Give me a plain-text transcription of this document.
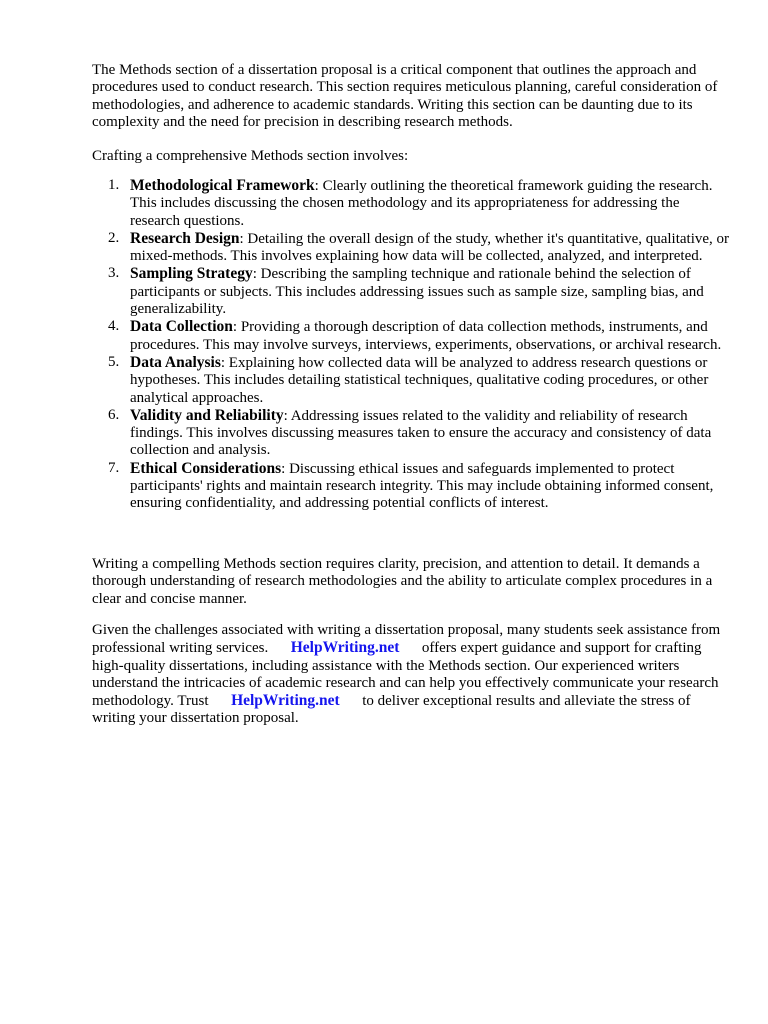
The Methods section of a dissertation proposal is a critical component that outlines the approach and procedures used to conduct research. This section requires meticulous planning, careful consideration of methodologies, and adherence to academic standards. Writing this section can be daunting due to its complexity and the need for precision in describing research methods.

Crafting a comprehensive Methods section involves:

1. Methodological Framework: Clearly outlining the theoretical framework guiding the research. This includes discussing the chosen methodology and its appropriateness for addressing the research questions.
2. Research Design: Detailing the overall design of the study, whether it's quantitative, qualitative, or mixed-methods. This involves explaining how data will be collected, analyzed, and interpreted.
3. Sampling Strategy: Describing the sampling technique and rationale behind the selection of participants or subjects. This includes addressing issues such as sample size, sampling bias, and generalizability.
4. Data Collection: Providing a thorough description of data collection methods, instruments, and procedures. This may involve surveys, interviews, experiments, observations, or archival research.
5. Data Analysis: Explaining how collected data will be analyzed to address research questions or hypotheses. This includes detailing statistical techniques, qualitative coding procedures, or other analytical approaches.
6. Validity and Reliability: Addressing issues related to the validity and reliability of research findings. This involves discussing measures taken to ensure the accuracy and consistency of data collection and analysis.
7. Ethical Considerations: Discussing ethical issues and safeguards implemented to protect participants' rights and maintain research integrity. This may include obtaining informed consent, ensuring confidentiality, and addressing potential conflicts of interest.

Writing a compelling Methods section requires clarity, precision, and attention to detail. It demands a thorough understanding of research methodologies and the ability to articulate complex procedures in a clear and concise manner.

Given the challenges associated with writing a dissertation proposal, many students seek assistance from professional writing services. HelpWriting.net offers expert guidance and support for crafting high-quality dissertations, including assistance with the Methods section. Our experienced writers understand the intricacies of academic research and can help you effectively communicate your research methodology. Trust HelpWriting.net to deliver exceptional results and alleviate the stress of writing your dissertation proposal.
